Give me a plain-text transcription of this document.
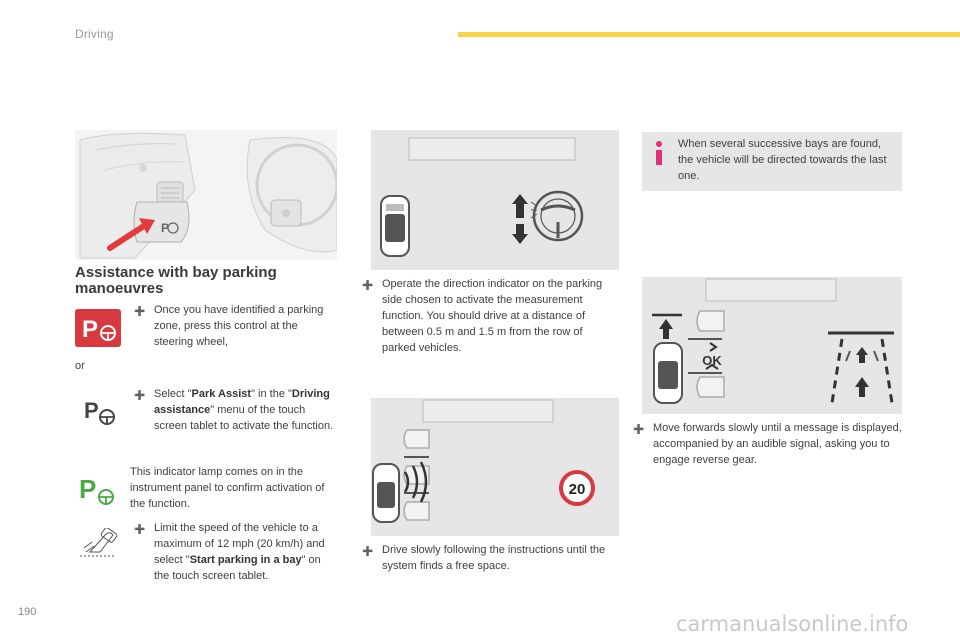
Driving
P
Assistance with bay parking manoeuvres
P
➕ Once you have identified a parking zone, press this control at the steering wheel,
or
P
➕ Select "Park Assist" in the "Driving assistance" menu of the touch screen tablet to activate the function.
P
This indicator lamp comes on in the instrument panel to confirm activation of the function.
➕ Limit the speed of the vehicle to a maximum of 12 mph (20 km/h) and select "Start parking in a bay" on the touch screen tablet.
➕ Operate the direction indicator on the parking side chosen to activate the measurement function. You should drive at a distance of between 0.5 m and 1.5 m from the row of parked vehicles.
20
➕ Drive slowly following the instructions until the system finds a free space.
When several successive bays are found, the vehicle will be directed towards the last one.
OK
➕ Move forwards slowly until a message is displayed, accompanied by an audible signal, asking you to engage reverse gear.
190	carmanualsonline.info
